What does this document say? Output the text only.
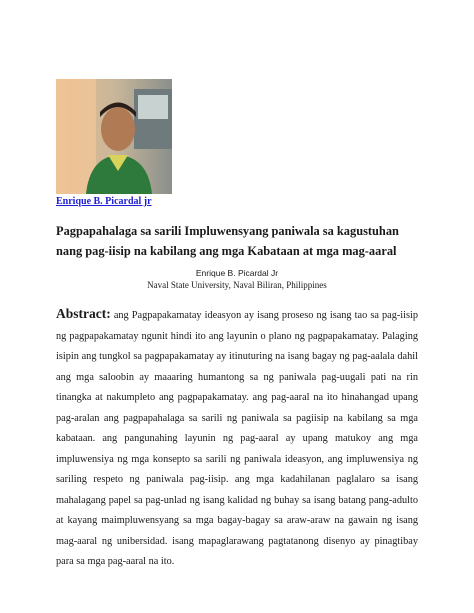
Enrique B. Picardal jr
Pagpapahalaga sa sarili Impluwensyang paniwala sa kagustuhan nang pag-iisip na kabilang ang mga Kabataan at mga mag-aaral
Enrique B. Picardal Jr
Naval State University, Naval Biliran, Philippines

Abstract: ang Pagpapakamatay ideasyon ay isang proseso ng isang tao sa pag-iisip ng pagpapakamatay ngunit hindi ito ang layunin o plano ng pagpapakamatay. Palaging isipin ang tungkol sa pagpapakamatay ay itinuturing na isang bagay ng pag-aalala dahil ang mga saloobin ay maaaring humantong sa ng paniwala pag-uugali pati na rin tinangka at nakumpleto ang pagpapakamatay. ang pag-aaral na ito hinahangad upang pag-aralan ang pagpapahalaga sa sarili ng paniwala sa pagiisip na kabilang sa mga kabataan. ang pangunahing layunin ng pag-aaral ay upang matukoy ang mga impluwensiya ng mga konsepto sa sarili ng paniwala ideasyon, ang impluwensiya ng sariling respeto ng paniwala pag-iisip. ang mga kadahilanan paglalaro sa isang mahalagang papel sa pag-unlad ng isang kalidad ng buhay sa isang batang pang-adulto at kayang maimpluwensyang sa mga bagay-bagay sa araw-araw na gawain ng isang mag-aaral ng unibersidad. isang mapaglarawang pagtatanong disenyo ay pinagtibay para sa mga pag-aaral na ito.
